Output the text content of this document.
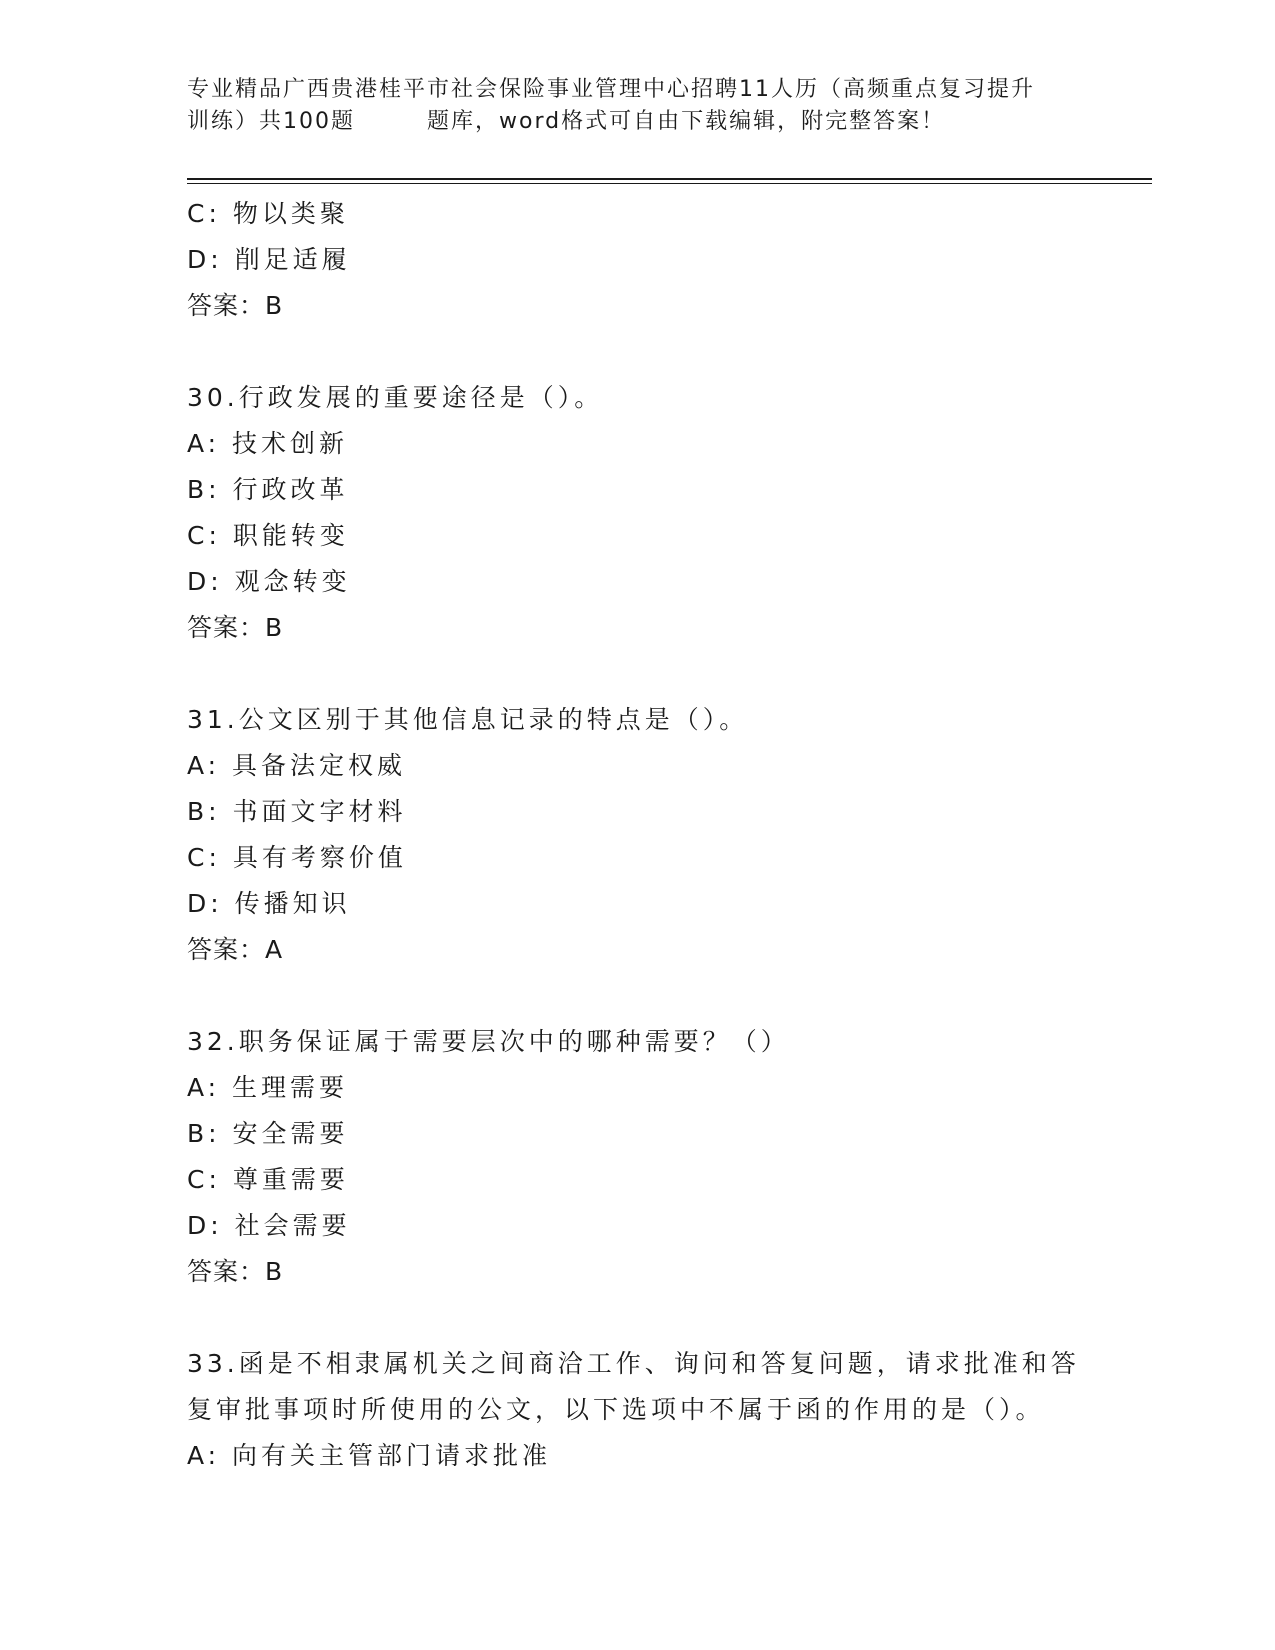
专业精品广西贵港桂平市社会保险事业管理中心招聘11人历（高频重点复习提升
训练）共100题	题库，word格式可自由下载编辑，附完整答案！
C: 物以类聚
D: 削足适履
答案：B
30.行政发展的重要途径是（）。
A: 技术创新
B: 行政改革
C: 职能转变
D: 观念转变
答案：B
31.公文区别于其他信息记录的特点是（）。
A: 具备法定权威
B: 书面文字材料
C: 具有考察价值
D: 传播知识
答案：A
32.职务保证属于需要层次中的哪种需要？（）
A: 生理需要
B: 安全需要
C: 尊重需要
D: 社会需要
答案：B
33.函是不相隶属机关之间商洽工作、询问和答复问题，请求批准和答
复审批事项时所使用的公文，以下选项中不属于函的作用的是（）。
A: 向有关主管部门请求批准
